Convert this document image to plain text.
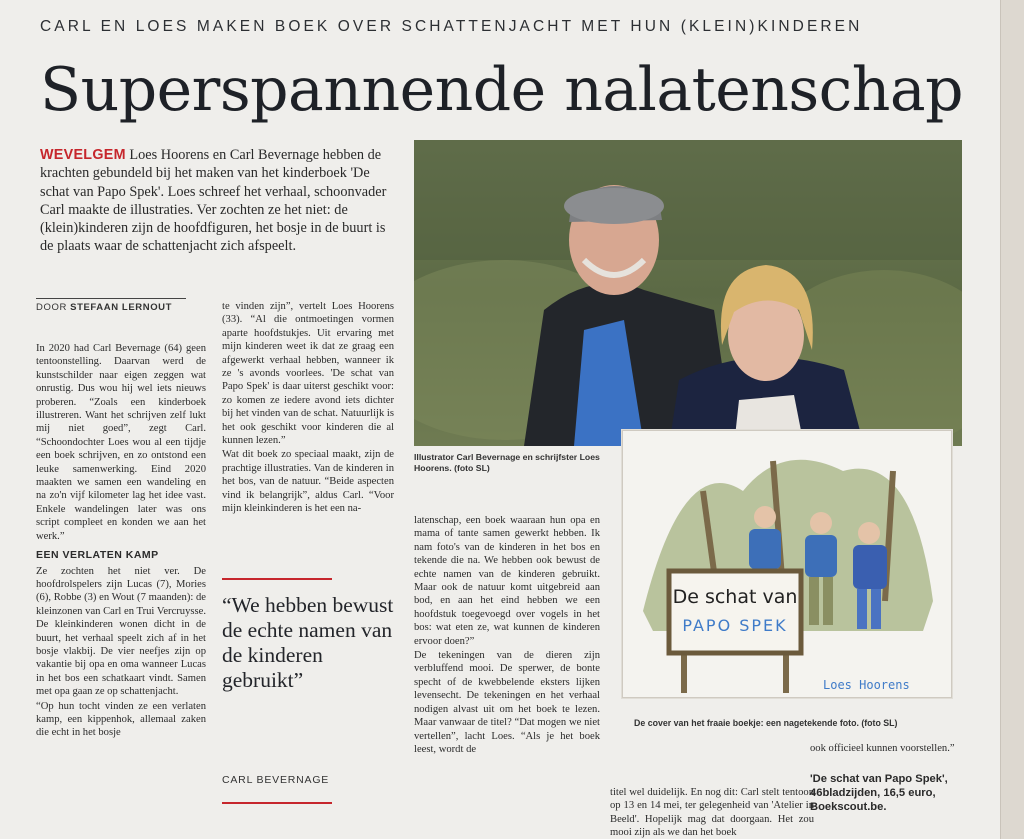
CARL EN LOES MAKEN BOEK OVER SCHATTENJACHT MET HUN (KLEIN)KINDEREN
Superspannende nalatenschap
WEVELGEM Loes Hoorens en Carl Bevernage hebben de krachten gebundeld bij het maken van het kinderboek 'De schat van Papo Spek'. Loes schreef het verhaal, schoonvader Carl maakte de illustraties. Ver zochten ze het niet: de (klein)kinderen zijn de hoofdfiguren, het bosje in de buurt is de plaats waar de schattenjacht zich afspeelt.
DOOR STEFAAN LERNOUT

In 2020 had Carl Bevernage (64) geen tentoonstelling. Daarvan werd de kunstschilder naar eigen zeggen wat onrustig. Dus wou hij wel iets nieuws proberen. “Zoals een kinderboek illustreren. Want het schrijven zelf lukt mij niet goed”, zegt Carl. “Schoondochter Loes wou al een tijdje een boek schrijven, en zo ontstond een leuke samenwerking. Eind 2020 maakten we samen een wandeling en na zo'n vijf kilometer lag het idee vast. Enkele wandelingen later was ons script compleet en konden we aan het werk.”

EEN VERLATEN KAMP

Ze zochten het niet ver. De hoofdrolspelers zijn Lucas (7), Mories (6), Robbe (3) en Wout (7 maanden): de kleinzonen van Carl en Trui Vercruysse. De kleinkinderen wonen dicht in de buurt, het verhaal speelt zich af in het bosje vlakbij. De vier neefjes zijn op vakantie bij opa en oma wanneer Lucas in het bos een schatkaart vindt. Samen met opa gaan ze op schattenjacht.

“Op hun tocht vinden ze een verlaten kamp, een kippenhok, allemaal zaken die echt in het bosje

te vinden zijn”, vertelt Loes Hoorens (33). “Al die ontmoetingen vormen aparte hoofdstukjes. Uit ervaring met mijn kinderen weet ik dat ze graag een afgewerkt verhaal hebben, wanneer ik ze 's avonds voorlees. 'De schat van Papo Spek' is daar uiterst geschikt voor: zo komen ze iedere avond iets dichter bij het vinden van de schat. Natuurlijk is het ook geschikt voor kinderen die al kunnen lezen.”

Wat dit boek zo speciaal maakt, zijn de prachtige illustraties. Van de kinderen in het bos, van de natuur. “Beide aspecten vind ik belangrijk”, aldus Carl. “Voor mijn kleinkinderen is het een na-

“We hebben bewust de echte namen van de kinderen gebruikt”
CARL BEVERNAGE

latenschap, een boek waaraan hun opa en mama of tante samen gewerkt hebben. Ik nam foto's van de kinderen in het bos en tekende die na. We hebben ook bewust de echte namen van de kinderen gebruikt. Maar ook de natuur komt uitgebreid aan bod, en aan het eind hebben we een hoofdstuk toegevoegd over vogels in het bos: wat eten ze, wat kunnen de kinderen ervoor doen?”

De tekeningen van de dieren zijn verbluffend mooi. De sperwer, de bonte specht of de kwebbelende eksters lijken levensecht. De tekeningen en het verhaal nodigen alvast uit om het boek te lezen. Maar vanwaar de titel? “Dat mogen we niet vertellen”, lacht Loes. “Als je het boek leest, wordt de

titel wel duidelijk. En nog dit: Carl stelt tentoon op 13 en 14 mei, ter gelegenheid van 'Atelier in Beeld'. Hopelijk mag dat doorgaan. Het zou mooi zijn als we dan het boek

ook officieel kunnen voorstellen.”

'De schat van Papo Spek',
46bladzijden, 16,5 euro,
Boekscout.be.
Illustrator Carl Bevernage en schrijfster Loes Hoorens. (foto SL)
De schat van
PAPO SPEK
Loes Hoorens
De cover van het fraaie boekje: een nagetekende foto. (foto SL)
